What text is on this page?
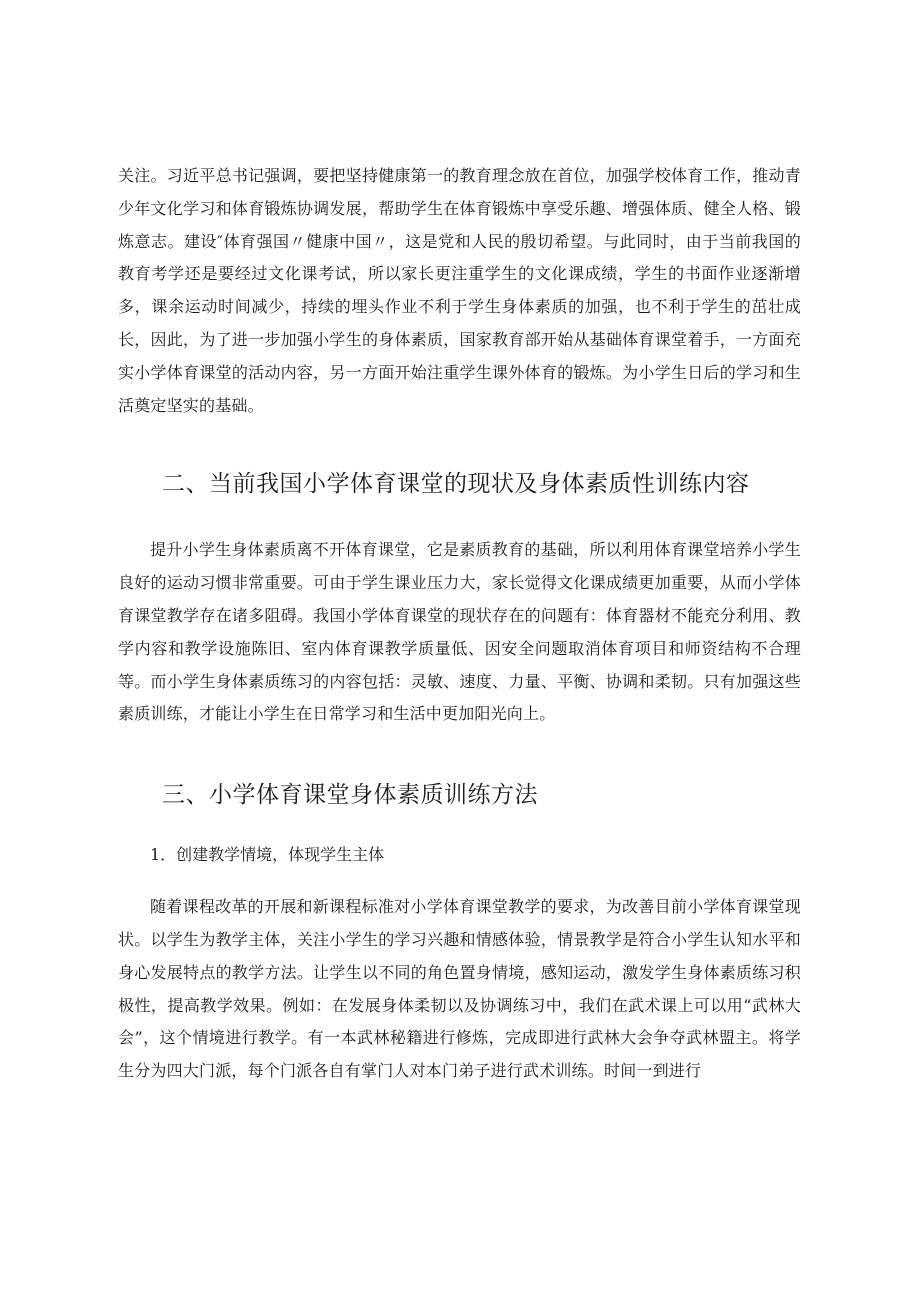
关注。习近平总书记强调，要把坚持健康第一的教育理念放在首位，加强学校体育工作，推动青少年文化学习和体育锻炼协调发展，帮助学生在体育锻炼中享受乐趣、增强体质、健全人格、锻炼意志。建设″体育强国〃健康中国〃，这是党和人民的殷切希望。与此同时，由于当前我国的教育考学还是要经过文化课考试，所以家长更注重学生的文化课成绩，学生的书面作业逐渐增多，课余运动时间减少，持续的埋头作业不利于学生身体素质的加强，也不利于学生的茁壮成长，因此，为了进一步加强小学生的身体素质，国家教育部开始从基础体育课堂着手，一方面充实小学体育课堂的活动内容，另一方面开始注重学生课外体育的锻炼。为小学生日后的学习和生活奠定坚实的基础。

二、当前我国小学体育课堂的现状及身体素质性训练内容

提升小学生身体素质离不开体育课堂，它是素质教育的基础，所以利用体育课堂培养小学生良好的运动习惯非常重要。可由于学生课业压力大，家长觉得文化课成绩更加重要，从而小学体育课堂教学存在诸多阻碍。我国小学体育课堂的现状存在的问题有：体育器材不能充分利用、教学内容和教学设施陈旧、室内体育课教学质量低、因安全问题取消体育项目和师资结构不合理等。而小学生身体素质练习的内容包括：灵敏、速度、力量、平衡、协调和柔韧。只有加强这些素质训练，才能让小学生在日常学习和生活中更加阳光向上。

三、小学体育课堂身体素质训练方法
1．创建教学情境，体现学生主体

随着课程改革的开展和新课程标准对小学体育课堂教学的要求，为改善目前小学体育课堂现状。以学生为教学主体，关注小学生的学习兴趣和情感体验，情景教学是符合小学生认知水平和身心发展特点的教学方法。让学生以不同的角色置身情境，感知运动，激发学生身体素质练习积极性，提高教学效果。例如：在发展身体柔韧以及协调练习中，我们在武术课上可以用“武林大会”，这个情境进行教学。有一本武林秘籍进行修炼，完成即进行武林大会争夺武林盟主。将学生分为四大门派，每个门派各自有掌门人对本门弟子进行武术训练。时间一到进行
